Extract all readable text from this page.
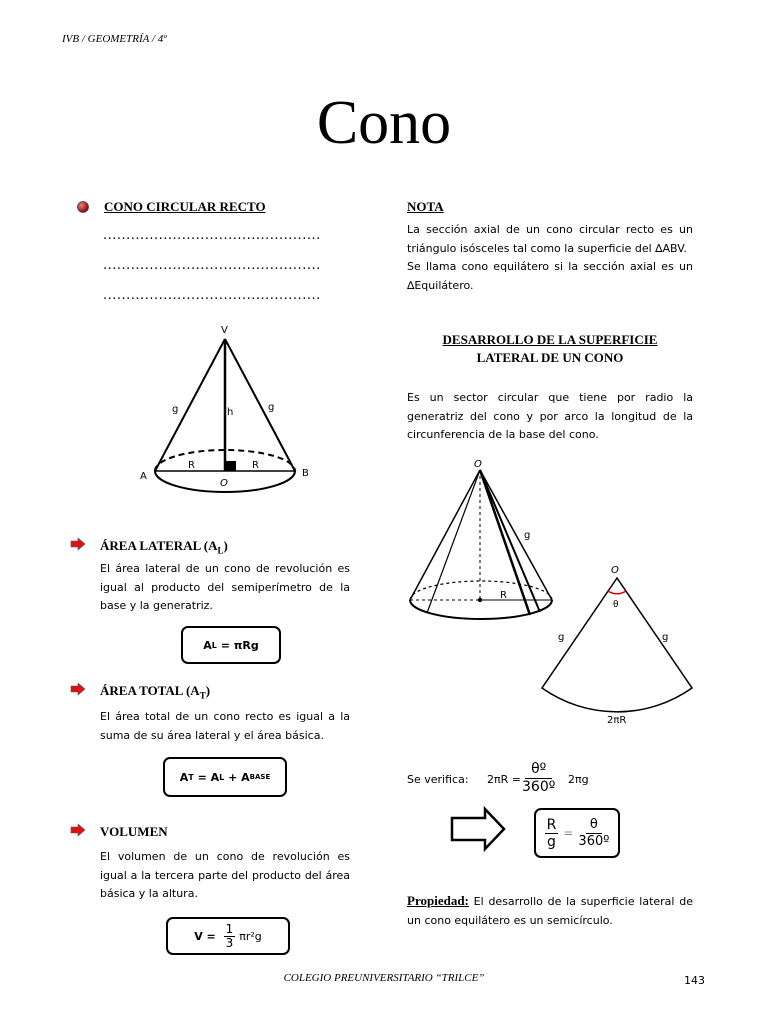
IVB / GEOMETRÍA / 4º
Cono
CONO CIRCULAR RECTO
...............................................
...............................................
...............................................
V
g	g
h
R	R
A	B
O
ÁREA LATERAL $(A_L)$
El área lateral de un cono de revolución es igual al producto del semiperímetro de la base y la generatriz.
A L
= πRg
ÁREA TOTAL $(A_T)$
El área total de un cono recto es igual a la suma de su área lateral y el área básica.
A T
= A L
+ A BASE
VOLUMEN
El volumen de un cono de revolución es igual a la tercera parte del producto del área básica y la altura.
V =
$\frac{1}{3} \pi r^2g$
NOTA
La sección axial de un cono circular recto es un triángulo isósceles tal como la superficie del ∆ABV.
Se llama cono equilátero si la sección axial es un ∆Equilátero.
DESARROLLO DE LA SUPERFICIE
LATERAL DE UN CONO
Es un sector circular que tiene por radio la generatriz del cono y por arco la longitud de la circunferencia de la base del cono.
O
g
R
O
θ
g	g
2πR
Se verifica: 2πR =
θº
360º 2πg
$\frac{R}{g} = \frac{\theta}{\text{360º}}$
Propiedad: El desarrollo de la superficie lateral de un cono equilátero es un semicírculo.
COLEGIO PREUNIVERSITARIO “TRILCE”	143
